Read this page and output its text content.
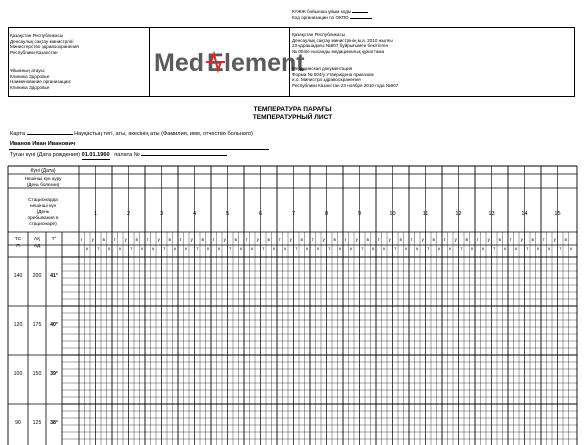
КҮЖЖ бойынша ұйым коды
Код организации по ОКПО
Қазақстан Республикасы
Денсаулық сақтау министрлігі
Министерство здравоохранения
Республики Казахстан
Ұйымның атауы:
Клиника Здоровье
Наименование организации:
Клиника Здоровье
Med E lement
Қазақстан Республикасы
Денсаулық сақтау министрінің м.а. 2010 жылғы
23 қарашадағы №907 бұйрығымен бекітілген
№ 004/е нысанды медициналық құжаттама
Медицинская документация
Форма № 004/у Утверждена приказом
и.о. Министра здравоохранения
Республики Казахстан 23 ноября 2010 года №907
ТЕМПЕРАТУРА ПАРАҒЫ
ТЕМПЕРАТУРНЫЙ ЛИСТ
Карта	Науқастың тегі, аты, әкесінің аты (Фамилия, имя, отчество больного)
Иванов Иван Иванович
Туған күні (Дата рождения) 01.01.1960 палата №
1
т
к
у
т
в
к
2
т
к
у
т
в
к
3
т
к
у
т
в
к
4
т
к
у
т
в
к
5
т
к
у
т
в
к
6
т
к
у
т
в
к
7
т
к
у
т
в
к
8
т
к
у
т
в
к
9
т
к
у
т
в
к
10
т
к
у
т
в
к
11
т
к
у
т
в
к
12
т
к
у
т
в
к
13
т
к
у
т
в
к
14
т
к
у
т
в
к
15
т
к
у
т
в
к
Күні (Дата)
Нешінші күн ауру
(День болезни)
Стационарда
нешінші күн
(День
пребывания в
стационаре)
ТС
П
АҚ
АД
T°
140 200 41°
120 175 40°
100 150 39°
90 125 38°
